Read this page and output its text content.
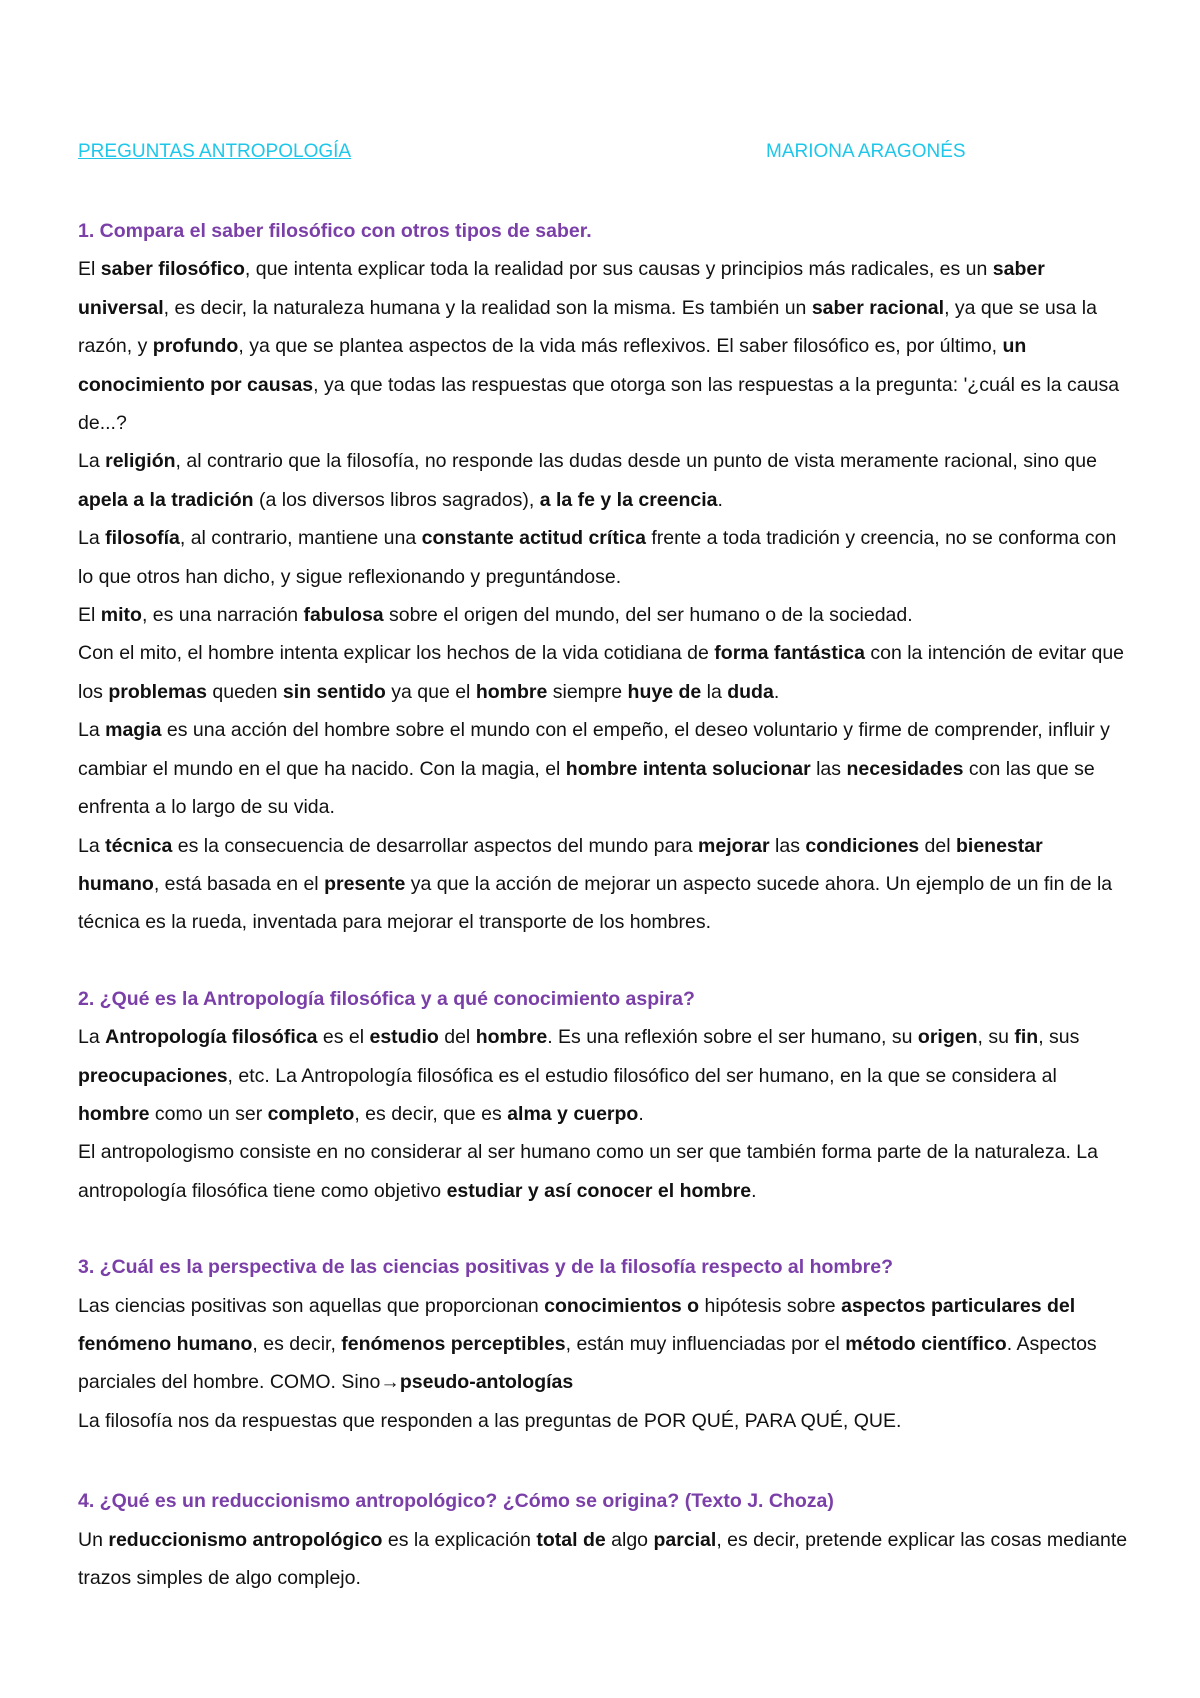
PREGUNTAS ANTROPOLOGÍA	MARIONA ARAGONÉS

1. Compara el saber filosófico con otros tipos de saber.

El saber filosófico, que intenta explicar toda la realidad por sus causas y principios más radicales, es un saber universal, es decir, la naturaleza humana y la realidad son la misma. Es también un saber racional, ya que se usa la razón, y profundo, ya que se plantea aspectos de la vida más reflexivos. El saber filosófico es, por último, un conocimiento por causas, ya que todas las respuestas que otorga son las respuestas a la pregunta: '¿cuál es la causa de...?

La religión, al contrario que la filosofía, no responde las dudas desde un punto de vista meramente racional, sino que apela a la tradición (a los diversos libros sagrados), a la fe y la creencia.

La filosofía, al contrario, mantiene una constante actitud crítica frente a toda tradición y creencia, no se conforma con lo que otros han dicho, y sigue reflexionando y preguntándose.

El mito, es una narración fabulosa sobre el origen del mundo, del ser humano o de la sociedad.

Con el mito, el hombre intenta explicar los hechos de la vida cotidiana de forma fantástica con la intención de evitar que los problemas queden sin sentido ya que el hombre siempre huye de la duda.

La magia es una acción del hombre sobre el mundo con el empeño, el deseo voluntario y firme de comprender, influir y cambiar el mundo en el que ha nacido. Con la magia, el hombre intenta solucionar las necesidades con las que se enfrenta a lo largo de su vida.

La técnica es la consecuencia de desarrollar aspectos del mundo para mejorar las condiciones del bienestar humano, está basada en el presente ya que la acción de mejorar un aspecto sucede ahora. Un ejemplo de un fin de la técnica es la rueda, inventada para mejorar el transporte de los hombres.

2. ¿Qué es la Antropología filosófica y a qué conocimiento aspira?

La Antropología filosófica es el estudio del hombre. Es una reflexión sobre el ser humano, su origen, su fin, sus preocupaciones, etc. La Antropología filosófica es el estudio filosófico del ser humano, en la que se considera al hombre como un ser completo, es decir, que es alma y cuerpo.

El antropologismo consiste en no considerar al ser humano como un ser que también forma parte de la naturaleza. La antropología filosófica tiene como objetivo estudiar y así conocer el hombre.

3. ¿Cuál es la perspectiva de las ciencias positivas y de la filosofía respecto al hombre?

Las ciencias positivas son aquellas que proporcionan conocimientos o hipótesis sobre aspectos particulares del fenómeno humano, es decir, fenómenos perceptibles, están muy influenciadas por el método científico. Aspectos parciales del hombre. COMO. Sino→pseudo-antologías

La filosofía nos da respuestas que responden a las preguntas de POR QUÉ, PARA QUÉ, QUE.

4. ¿Qué es un reduccionismo antropológico? ¿Cómo se origina? (Texto J. Choza)

Un reduccionismo antropológico es la explicación total de algo parcial, es decir, pretende explicar las cosas mediante trazos simples de algo complejo.
